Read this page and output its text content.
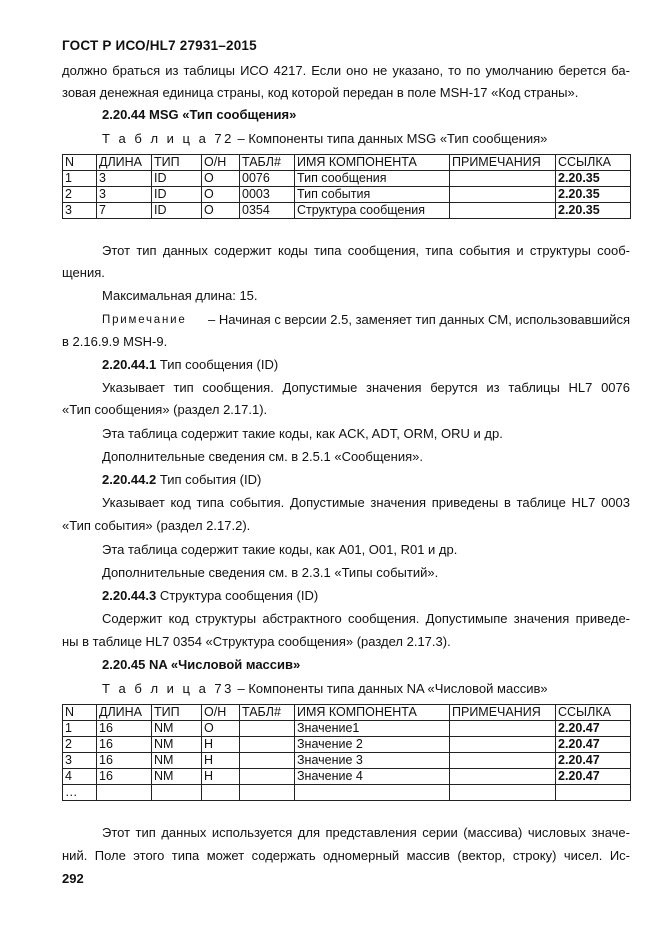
ГОСТ Р ИСО/HL7 27931–2015
должно браться из таблицы ИСО 4217. Если оно не указано, то по умолчанию берется ба-
зовая денежная единица страны, код которой передан в поле MSH-17 «Код страны».
2.20.44 MSG «Тип сообщения»
Т а б л и ц а 72 – Компоненты типа данных MSG «Тип сообщения»
N	ДЛИНА	ТИП	О/Н	ТАБЛ#	ИМЯ КОМПОНЕНТА	ПРИМЕЧАНИЯ	ССЫЛКА
1	3	ID	О	0076	Тип сообщения		2.20.35
2	3	ID	О	0003	Тип события		2.20.35
3	7	ID	О	0354	Структура сообщения		2.20.35
Этот тип данных содержит коды типа сообщения, типа события и структуры сооб-
щения.
Максимальная длина: 15.
Примечание – Начиная с версии 2.5, заменяет тип данных CM, использовавшийся
в 2.16.9.9 MSH-9.
2.20.44.1 Тип сообщения (ID)
Указывает тип сообщения. Допустимые значения берутся из таблицы HL7 0076
«Тип сообщения» (раздел 2.17.1).
Эта таблица содержит такие коды, как ACK, ADT, ORM, ORU и др.
Дополнительные сведения см. в 2.5.1 «Сообщения».
2.20.44.2 Тип события (ID)
Указывает код типа события. Допустимые значения приведены в таблице HL7 0003
«Тип события» (раздел 2.17.2).
Эта таблица содержит такие коды, как A01, O01, R01 и др.
Дополнительные сведения см. в 2.3.1 «Типы событий».
2.20.44.3 Структура сообщения (ID)
Содержит код структуры абстрактного сообщения. Допустимыпе значения приведе-
ны в таблице HL7 0354 «Структура сообщения» (раздел 2.17.3).
2.20.45 NA «Числовой массив»
Т а б л и ц а 73 – Компоненты типа данных NA «Числовой массив»
N	ДЛИНА	ТИП	О/Н	ТАБЛ#	ИМЯ КОМПОНЕНТА	ПРИМЕЧАНИЯ	ССЫЛКА
1	16	NM	О		Значение1		2.20.47
2	16	NM	Н		Значение 2		2.20.47
3	16	NM	Н		Значение 3		2.20.47
4	16	NM	Н		Значение 4		2.20.47
…							
Этот тип данных используется для представления серии (массива) числовых значе-
ний. Поле этого типа может содержать одномерный массив (вектор, строку) чисел. Ис-
292
